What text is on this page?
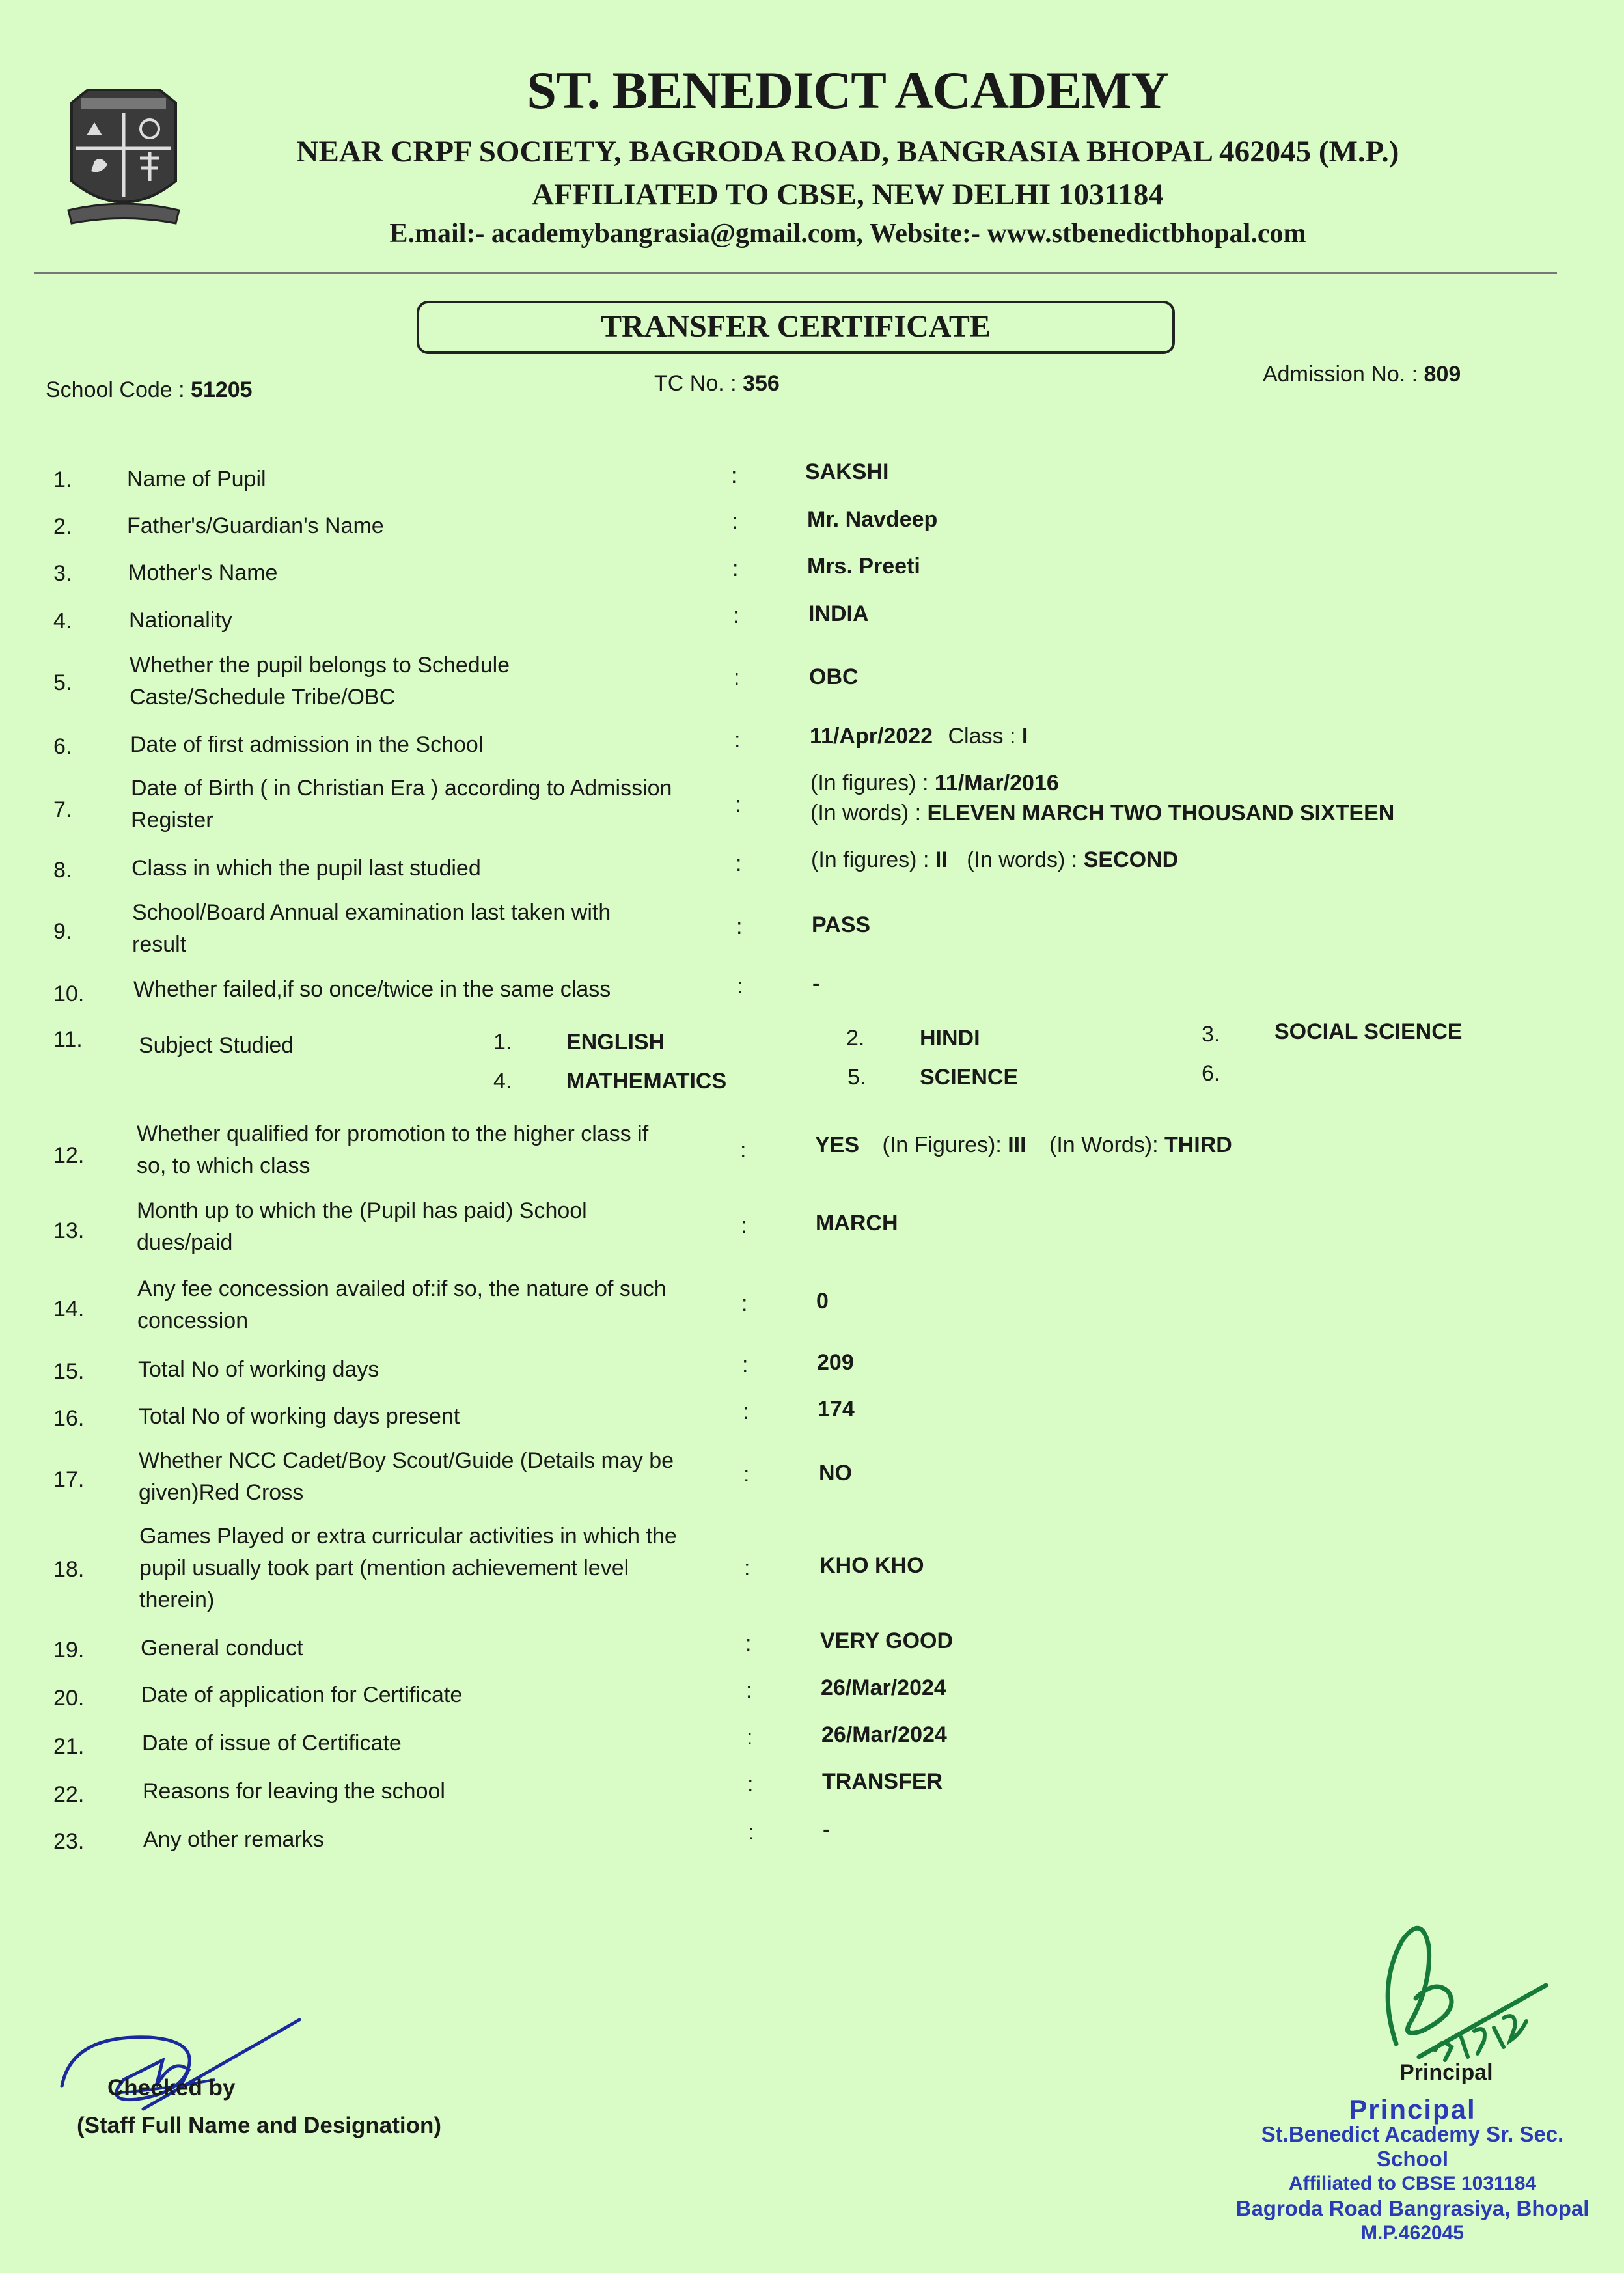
ST. BENEDICT ACADEMY
NEAR CRPF SOCIETY, BAGRODA ROAD, BANGRASIA BHOPAL 462045 (M.P.)
AFFILIATED TO CBSE, NEW DELHI 1031184
E.mail:- academybangrasia@gmail.com, Website:- www.stbenedictbhopal.com
TRANSFER CERTIFICATE
School Code : 51205	TC No. : 356	Admission No. : 809
1. Name of Pupil	:	SAKSHI
2. Father's/Guardian's Name	:	Mr. Navdeep
3.	Mother's Name	:	Mrs. Preeti
4.	Nationality	:	INDIA
5.
Whether the pupil belongs to Schedule
Caste/Schedule Tribe/OBC
:	OBC
6.	Date of first admission in the School	:	11/Apr/2022 Class : I
7.
Date of Birth ( in Christian Era ) according to Admission
Register
:
(In figures) : 11/Mar/2016
(In words) : ELEVEN MARCH TWO THOUSAND SIXTEEN
8.	Class in which the pupil last studied	:	(In figures) : II (In words) : SECOND
9.
School/Board Annual examination last taken with
result
:	PASS
10. Whether failed,if so once/twice in the same class	:	-
11.	Subject Studied	1. ENGLISH	2. HINDI	3. SOCIAL SCIENCE
4. MATHEMATICS	5. SCIENCE	6.
12.
Whether qualified for promotion to the higher class if
so, to which class
:	YES (In Figures): III (In Words): THIRD
13.
Month up to which the (Pupil has paid) School
dues/paid
:	MARCH
14.
Any fee concession availed of:if so, the nature of such
concession
:	0
15. Total No of working days	:	209
16. Total No of working days present	:	174
17.
Whether NCC Cadet/Boy Scout/Guide (Details may be
given)Red Cross
:	NO
18.
Games Played or extra curricular activities in which the
pupil usually took part (mention achievement level
therein)
:	KHO KHO
19.	General conduct	:	VERY GOOD
20.	Date of application for Certificate	:	26/Mar/2024
21.	Date of issue of Certificate	:	26/Mar/2024
22.	Reasons for leaving the school	:	TRANSFER
23.	Any other remarks	:	-
Checked by
(Staff Full Name and Designation)
Principal
Principal
St.Benedict Academy Sr. Sec. School
Affiliated to CBSE 1031184
Bagroda Road Bangrasiya, Bhopal
M.P.462045
